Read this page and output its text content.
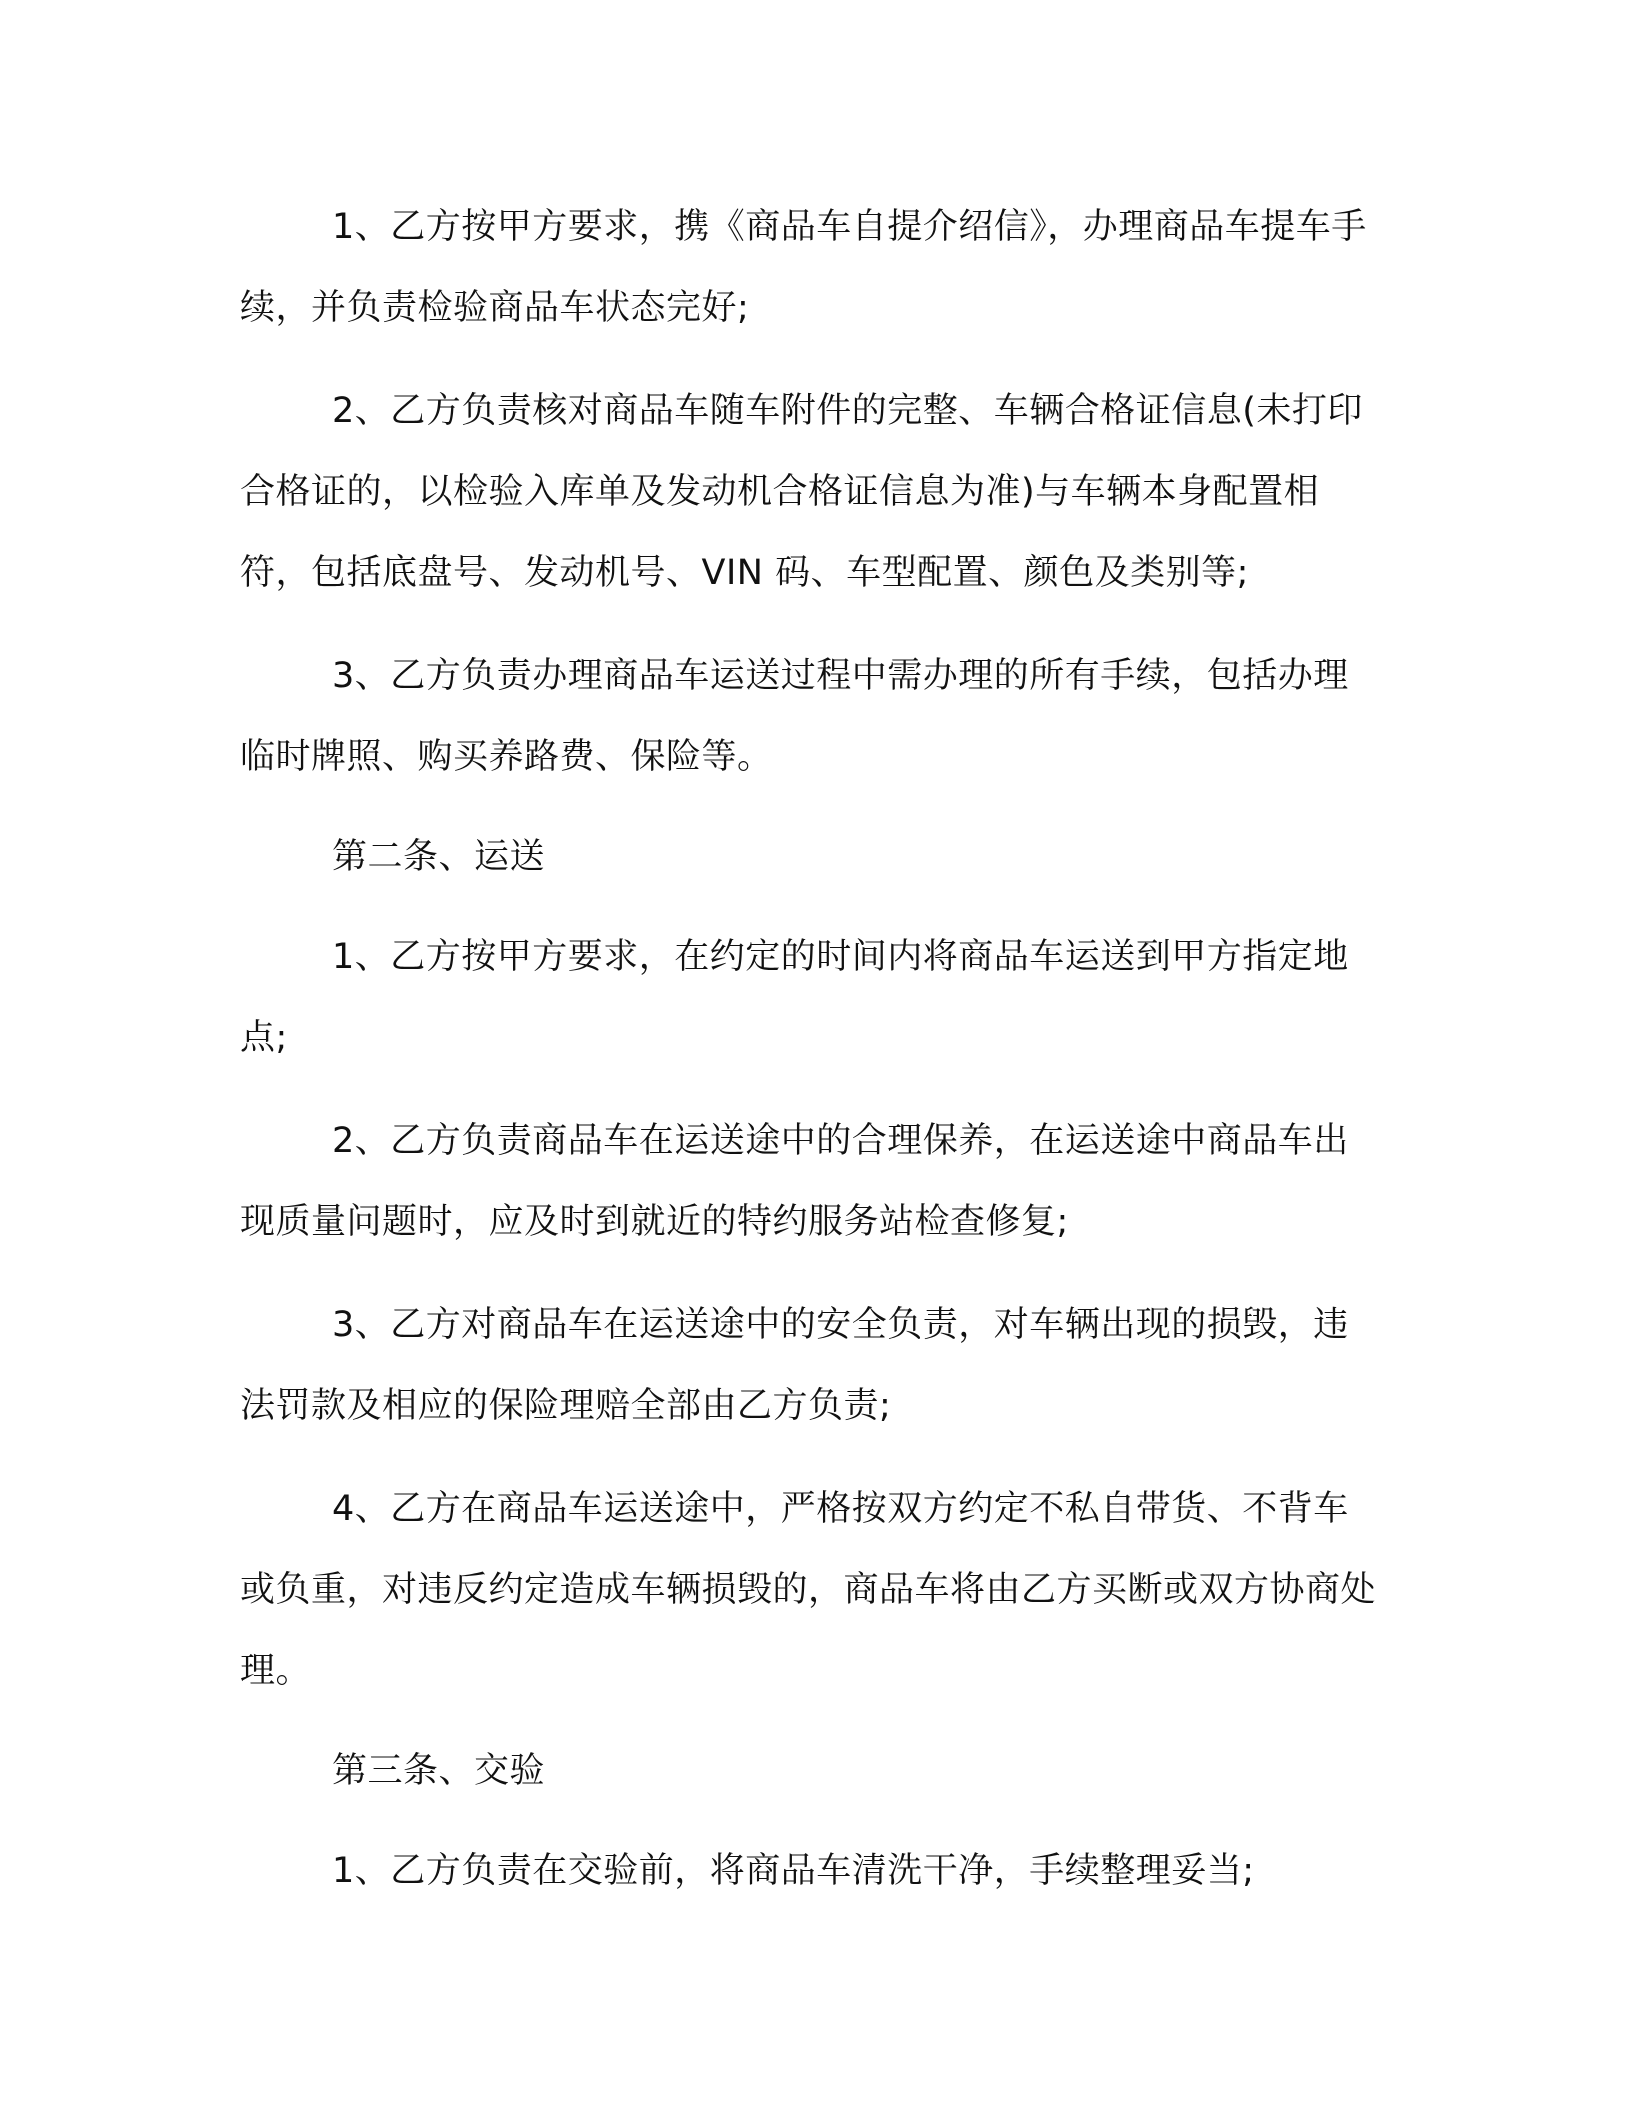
1、乙方按甲方要求，携《商品车自提介绍信》，办理商品车提车手续，并负责检验商品车状态完好;

2、乙方负责核对商品车随车附件的完整、车辆合格证信息(未打印合格证的，以检验入库单及发动机合格证信息为准)与车辆本身配置相符，包括底盘号、发动机号、VIN 码、车型配置、颜色及类别等;

3、乙方负责办理商品车运送过程中需办理的所有手续，包括办理临时牌照、购买养路费、保险等。

第二条、运送

1、乙方按甲方要求，在约定的时间内将商品车运送到甲方指定地点;

2、乙方负责商品车在运送途中的合理保养，在运送途中商品车出现质量问题时，应及时到就近的特约服务站检查修复;

3、乙方对商品车在运送途中的安全负责，对车辆出现的损毁，违法罚款及相应的保险理赔全部由乙方负责;

4、乙方在商品车运送途中，严格按双方约定不私自带货、不背车或负重，对违反约定造成车辆损毁的，商品车将由乙方买断或双方协商处理。

第三条、交验

1、乙方负责在交验前，将商品车清洗干净，手续整理妥当;
